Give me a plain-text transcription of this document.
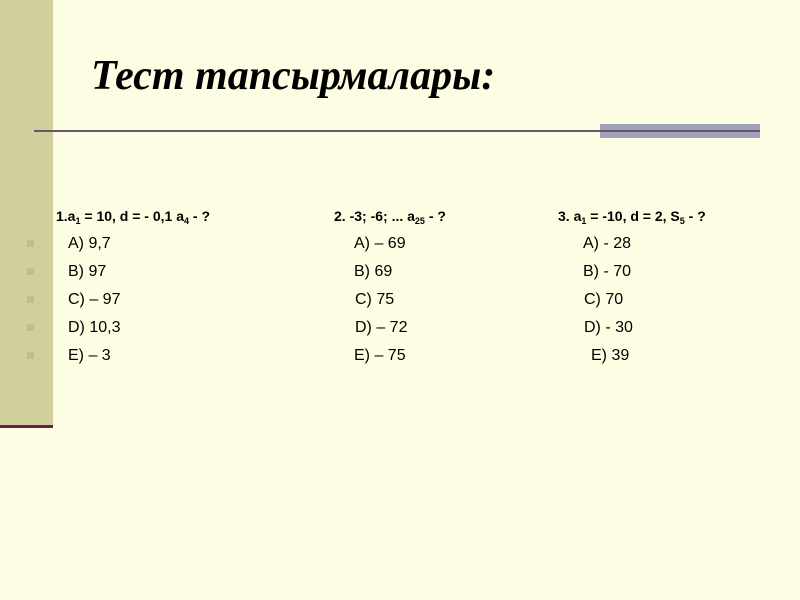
Тест тапсырмалары:
$1.a_1 = 10$, d = - 0,1 $a_4$ - ?	2. -3; -6; ... $a_{25}$ - ?	3. $a_1 = -10$, d = 2, $S_5$ - ?
A) 9,7
B) 97
C) – 97
D) 10,3
E) – 3
A) – 69
B) 69
C) 75
D) – 72
E) – 75
A) - 28
B) - 70
C) 70
D) - 30
E) 39
